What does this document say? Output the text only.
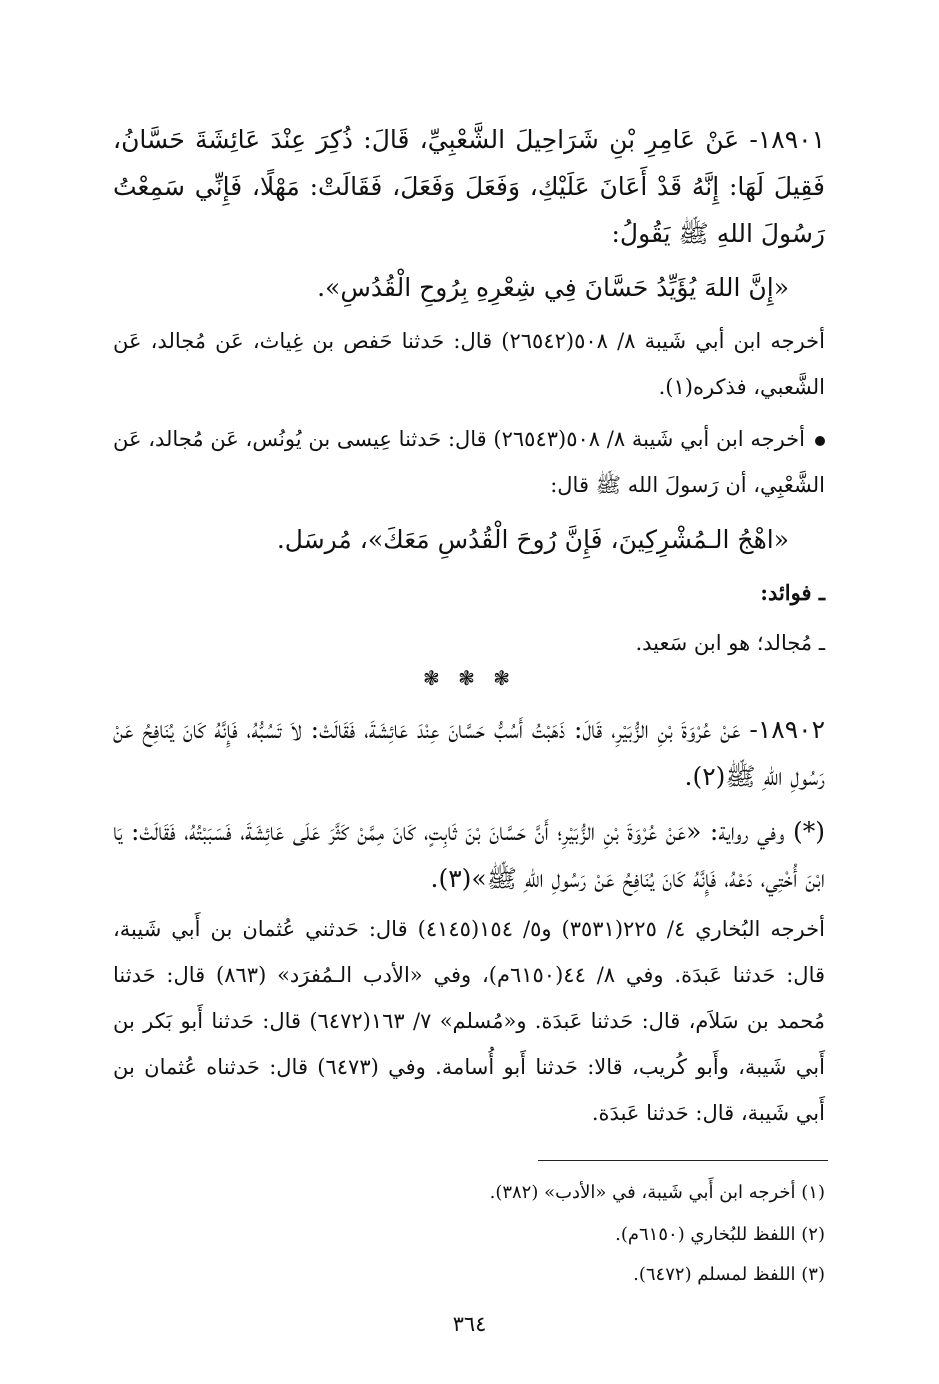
١٨٩٠١- عَنْ عَامِرِ بْنِ شَرَاحِيلَ الشَّعْبِيِّ، قَالَ: ذُكِرَ عِنْدَ عَائِشَةَ حَسَّانُ، فَقِيلَ لَهَا: إِنَّهُ قَدْ أَعَانَ عَلَيْكِ، وَفَعَلَ وَفَعَلَ، فَقَالَتْ: مَهْلًا، فَإِنِّي سَمِعْتُ رَسُولَ اللهِ ﷺ يَقُولُ:

«إِنَّ اللهَ يُؤَيِّدُ حَسَّانَ فِي شِعْرِهِ بِرُوحِ الْقُدُسِ».

أخرجه ابن أبي شَيبة ٨/ ٥٠٨(٢٦٥٤٢) قال: حَدثنا حَفص بن غِياث، عَن مُجالد، عَن الشَّعبي، فذكره(١).

أخرجه ابن أبي شَيبة ٨/ ٥٠٨(٢٦٥٤٣) قال: حَدثنا عِيسى بن يُونُس، عَن مُجالد، عَن الشَّعْبِي، أن رَسولَ الله ﷺ قال:

«اهْجُ الـمُشْرِكِينَ، فَإِنَّ رُوحَ الْقُدُسِ مَعَكَ»، مُرسَل.

ـ فوائد:

ـ مُجالد؛ هو ابن سَعيد.

❃ ❃ ❃

١٨٩٠٢- عَنْ عُرْوَةَ بْنِ الزُّبَيْرِ، قَالَ: ذَهَبْتُ أَسُبُّ حَسَّانَ عِنْدَ عَائِشَةَ، فَقَالَتْ: لاَ تَسُبُّهُ، فَإِنَّهُ كَانَ يُنَافِحُ عَنْ رَسُولِ اللهِ ﷺ(٢).

(*) وفي رواية: «عَنْ عُرْوَةَ بْنِ الزُّبَيْرِ؛ أَنَّ حَسَّانَ بْنَ ثَابِتٍ، كَانَ مِمَّنْ كَثَّرَ عَلَى عَائِشَةَ، فَسَبَبْتُهُ، فَقَالَتْ: يَا ابْنَ أُخْتِي، دَعْهُ، فَإِنَّهُ كَانَ يُنَافِحُ عَنْ رَسُولِ اللهِ ﷺ»(٣).

أخرجه البُخاري ٤/ ٢٢٥(٣٥٣١) و٥/ ١٥٤(٤١٤٥) قال: حَدثني عُثمان بن أَبي شَيبة، قال: حَدثنا عَبدَة. وفي ٨/ ٤٤(٦١٥٠م)، وفي «الأدب الـمُفرَد» (٨٦٣) قال: حَدثنا مُحمد بن سَلاَم، قال: حَدثنا عَبدَة. و«مُسلم» ٧/ ١٦٣(٦٤٧٢) قال: حَدثنا أَبو بَكر بن أَبي شَيبة، وأَبو كُريب، قالا: حَدثنا أَبو أُسامة. وفي (٦٤٧٣) قال: حَدثناه عُثمان بن أَبي شَيبة، قال: حَدثنا عَبدَة.

(١) أخرجه ابن أَبي شَيبة، في «الأدب» (٣٨٢).
(٢) اللفظ للبُخاري (٦١٥٠م).
(٣) اللفظ لمسلم (٦٤٧٢).
٣٦٤
